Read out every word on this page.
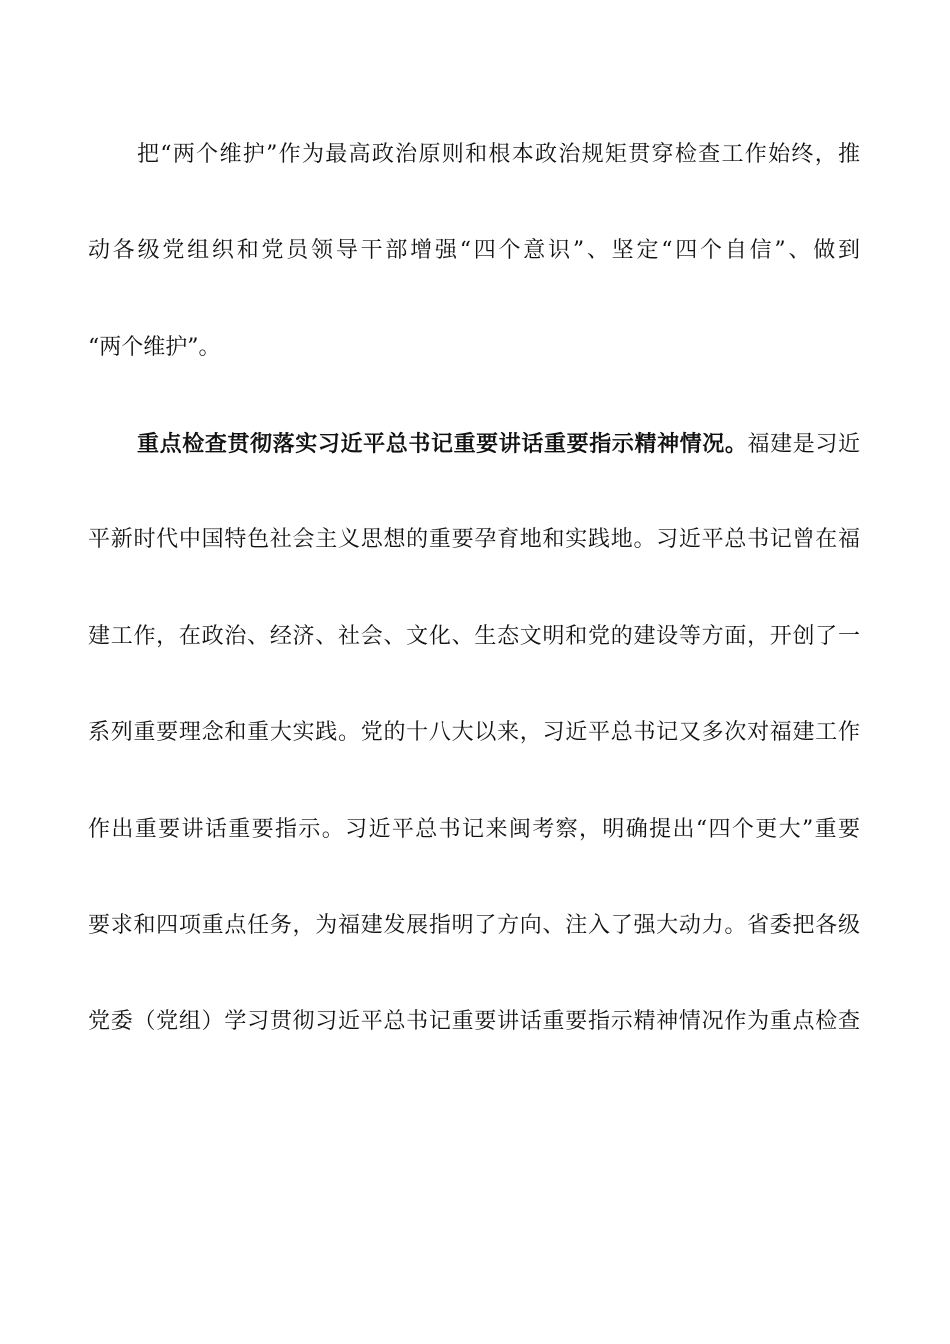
把“两个维护”作为最高政治原则和根本政治规矩贯穿检查工作始终，推
动各级党组织和党员领导干部增强“四个意识”、坚定“四个自信”、做到
“两个维护”。
重点检查贯彻落实习近平总书记重要讲话重要指示精神情况。福建是习近
平新时代中国特色社会主义思想的重要孕育地和实践地。习近平总书记曾在福
建工作，在政治、经济、社会、文化、生态文明和党的建设等方面，开创了一
系列重要理念和重大实践。党的十八大以来，习近平总书记又多次对福建工作
作出重要讲话重要指示。习近平总书记来闽考察，明确提出“四个更大”重要
要求和四项重点任务，为福建发展指明了方向、注入了强大动力。省委把各级
党委（党组）学习贯彻习近平总书记重要讲话重要指示精神情况作为重点检查
